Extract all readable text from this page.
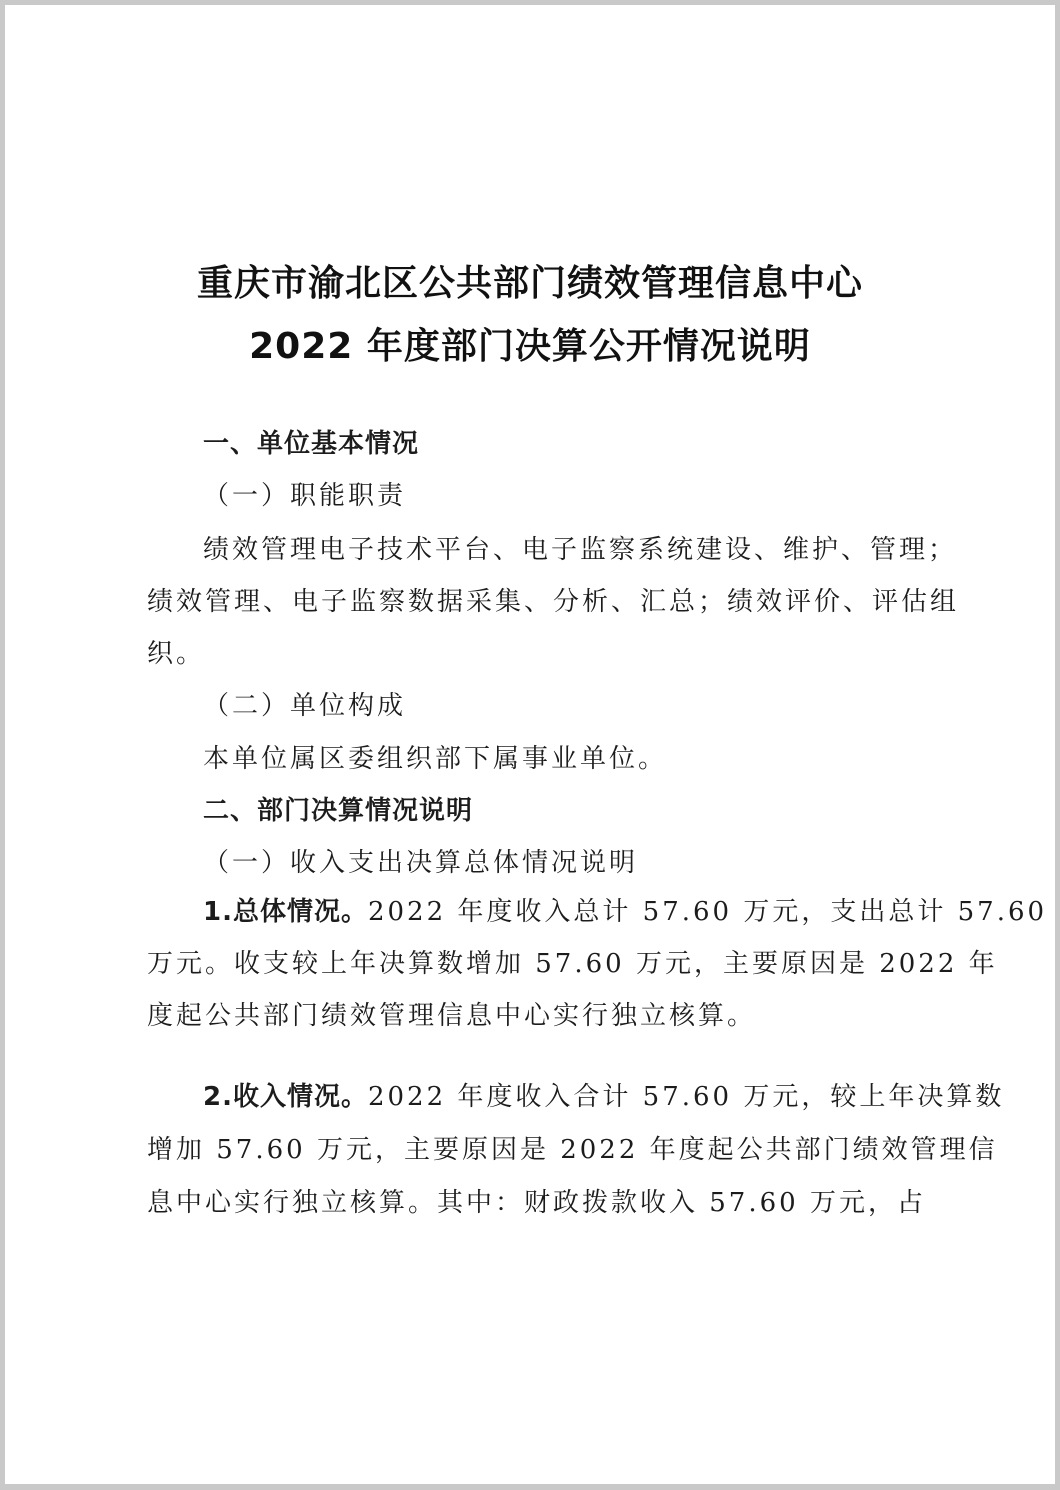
重庆市渝北区公共部门绩效管理信息中心
2022 年度部门决算公开情况说明
一、单位基本情况
（一）职能职责
绩效管理电子技术平台、电子监察系统建设、维护、管理；
绩效管理、电子监察数据采集、分析、汇总；绩效评价、评估组
织。
（二）单位构成
本单位属区委组织部下属事业单位。
二、部门决算情况说明
（一）收入支出决算总体情况说明
1.总体情况。2022 年度收入总计 57.60 万元，支出总计 57.60
万元。收支较上年决算数增加 57.60 万元，主要原因是 2022 年
度起公共部门绩效管理信息中心实行独立核算。
2.收入情况。2022 年度收入合计 57.60 万元，较上年决算数
增加 57.60 万元，主要原因是 2022 年度起公共部门绩效管理信
息中心实行独立核算。其中：财政拨款收入 57.60 万元，占
